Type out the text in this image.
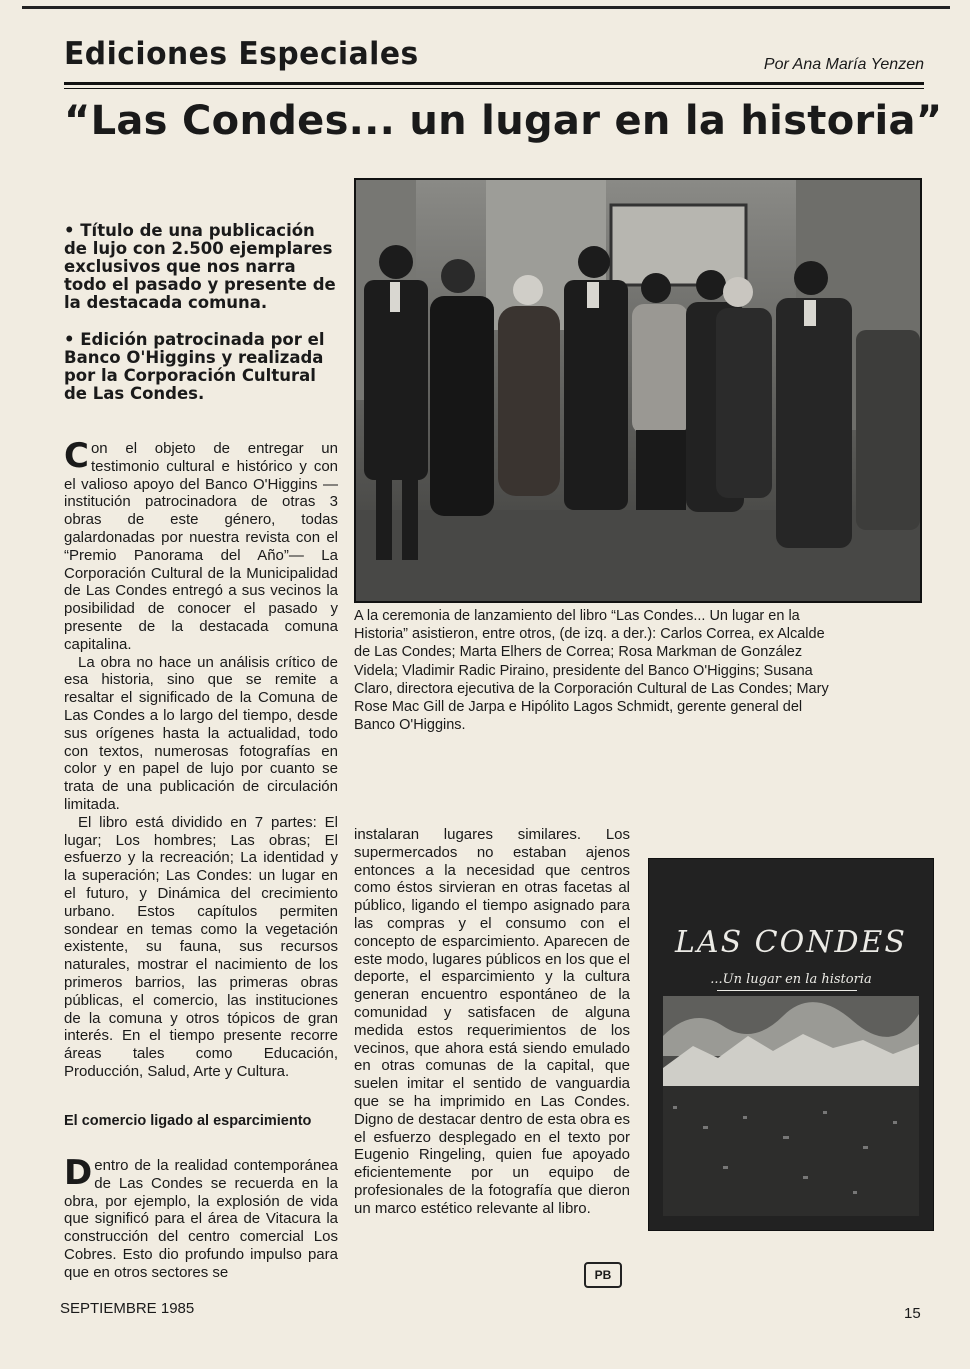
Ediciones Especiales	Por Ana María Yenzen
“Las Condes... un lugar en la historia”
• Título de una publicación de lujo con 2.500 ejemplares exclusivos que nos narra todo el pasado y presente de la destacada comuna.
• Edición patrocinada por el Banco O'Higgins y realizada por la Corporación Cultural de Las Condes.

Con el objeto de entregar un testimonio cultural e histórico y con el valioso apoyo del Banco O'Higgins —institución patrocinadora de otras 3 obras de este género, todas galardonadas por nuestra revista con el “Premio Panorama del Año”— La Corporación Cultural de la Municipalidad de Las Condes entregó a sus vecinos la posibilidad de conocer el pasado y presente de la destacada comuna capitalina.

La obra no hace un análisis crítico de esa historia, sino que se remite a resaltar el significado de la Comuna de Las Condes a lo largo del tiempo, desde sus orígenes hasta la actualidad, todo con textos, numerosas fotografías en color y en papel de lujo por cuanto se trata de una publicación de circulación limitada.

El libro está dividido en 7 partes: El lugar; Los hombres; Las obras; El esfuerzo y la recreación; La identidad y la superación; Las Condes: un lugar en el futuro, y Dinámica del crecimiento urbano. Estos capítulos permiten sondear en temas como la vegetación existente, su fauna, sus recursos naturales, mostrar el nacimiento de los primeros barrios, las primeras obras públicas, el comercio, las instituciones de la comuna y otros tópicos de gran interés. En el tiempo presente recorre áreas tales como Educación, Producción, Salud, Arte y Cultura.

El comercio ligado al esparcimiento

Dentro de la realidad contemporánea de Las Condes se recuerda en la obra, por ejemplo, la explosión de vida que significó para el área de Vitacura la construcción del centro comercial Los Cobres. Esto dio profundo impulso para que en otros sectores se

A la ceremonia de lanzamiento del libro “Las Condes... Un lugar en la Historia” asistieron, entre otros, (de izq. a der.): Carlos Correa, ex Alcalde de Las Condes; Marta Elhers de Correa; Rosa Markman de González Videla; Vladimir Radic Piraino, presidente del Banco O'Higgins; Susana Claro, directora ejecutiva de la Corporación Cultural de Las Condes; Mary Rose Mac Gill de Jarpa e Hipólito Lagos Schmidt, gerente general del Banco O'Higgins.

instalaran lugares similares. Los supermercados no estaban ajenos entonces a la necesidad que centros como éstos sirvieran en otras facetas al público, ligando el tiempo asignado para las compras y el consumo con el concepto de esparcimiento. Aparecen de este modo, lugares públicos en los que el deporte, el esparcimiento y la cultura generan encuentro espontáneo de la comunidad y satisfacen de alguna medida estos requerimientos de los vecinos, que ahora está siendo emulado en otras comunas de la capital, que suelen imitar el sentido de vanguardia que se ha imprimido en Las Condes. Digno de destacar dentro de esta obra es el esfuerzo desplegado en el texto por Eugenio Ringeling, quien fue apoyado eficientemente por un equipo de profesionales de la fotografía que dieron un marco estético relevante al libro.

LAS CONDES
...Un lugar en la historia
PB
SEPTIEMBRE 1985	15
